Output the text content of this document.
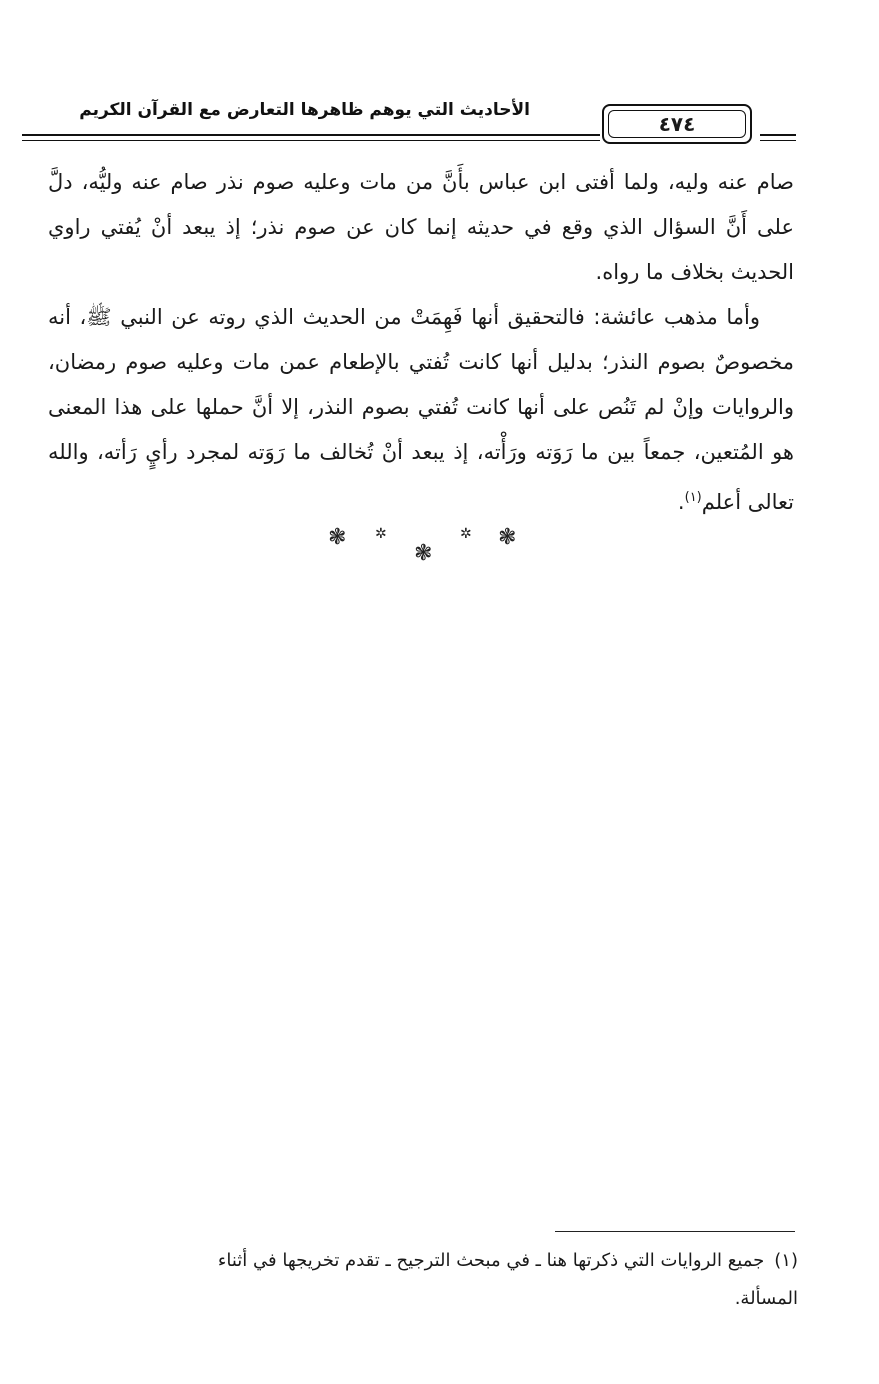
الأحاديث التي يوهم ظاهرها التعارض مع القرآن الكريم
٤٧٤

صام عنه وليه، ولما أفتى ابن عباس بأَنَّ من مات وعليه صوم نذر صام عنه وليُّه، دلَّ على أَنَّ السؤال الذي وقع في حديثه إنما كان عن صوم نذر؛ إذ يبعد أنْ يُفتي راوي الحديث بخلاف ما رواه.

وأما مذهب عائشة: فالتحقيق أنها فَهِمَتْ من الحديث الذي روته عن النبي ﷺ، أنه مخصوصٌ بصوم النذر؛ بدليل أنها كانت تُفتي بالإطعام عمن مات وعليه صوم رمضان، والروايات وإنْ لم تَنُص على أنها كانت تُفتي بصوم النذر، إلا أنَّ حملها على هذا المعنى هو المُتعين، جمعاً بين ما رَوَته ورَأْته، إذ يبعد أنْ تُخالف ما رَوَته لمجرد رأيٍ رَأته، والله تعالى أعلم$^{(١)}$.

❃ ✲
❃
✲ ❃

(١)جميع الروايات التي ذكرتها هنا ـ في مبحث الترجيح ـ تقدم تخريجها في أثناء

المسألة.
